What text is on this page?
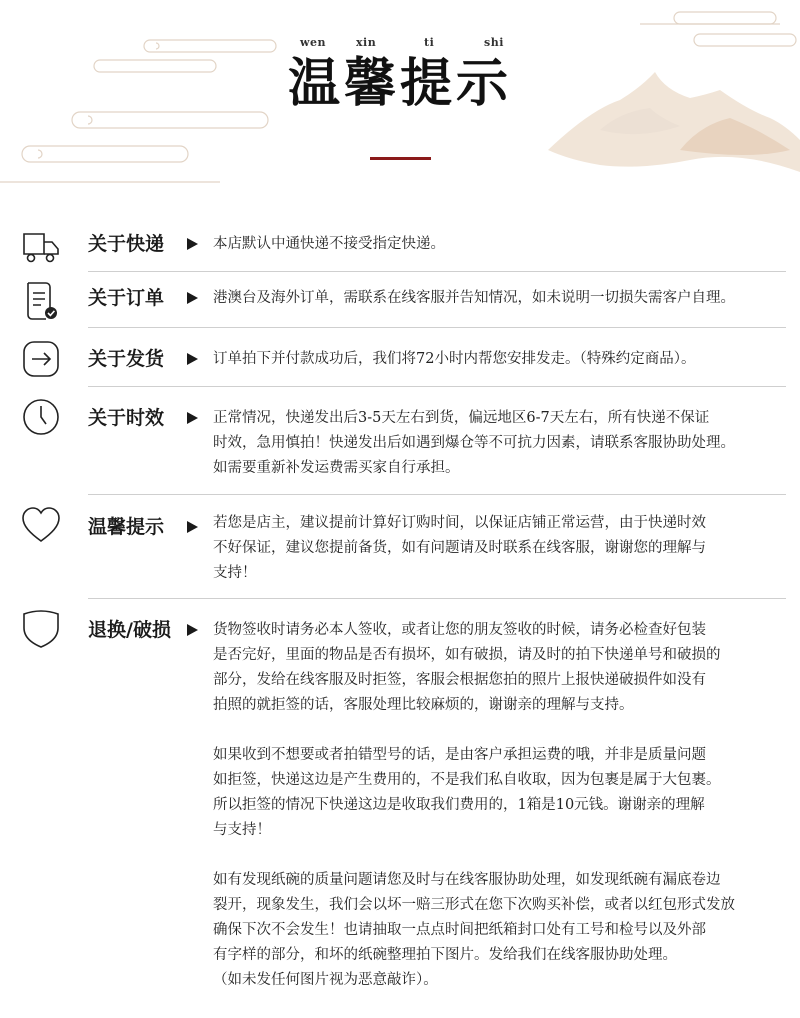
wen	xin	ti	shi
温馨提示
关于快递	本店默认中通快递不接受指定快递。

关于订单	港澳台及海外订单，需联系在线客服并告知情况，如未说明一切损失需客户自理。

关于发货	订单拍下并付款成功后，我们将72小时内帮您安排发走。（特殊约定商品）。

关于时效	正常情况，快递发出后3-5天左右到货，偏远地区6-7天左右，所有快递不保证

时效，急用慎拍！快递发出后如遇到爆仓等不可抗力因素，请联系客服协助处理。

如需要重新补发运费需买家自行承担。

温馨提示	若您是店主，建议提前计算好订购时间，以保证店铺正常运营，由于快递时效

不好保证，建议您提前备货，如有问题请及时联系在线客服，谢谢您的理解与

支持！

退换/破损	货物签收时请务必本人签收，或者让您的朋友签收的时候，请务必检查好包装

是否完好，里面的物品是否有损坏，如有破损，请及时的拍下快递单号和破损的

部分，发给在线客服及时拒签，客服会根据您拍的照片上报快递破损件如没有

拍照的就拒签的话，客服处理比较麻烦的，谢谢亲的理解与支持。

如果收到不想要或者拍错型号的话，是由客户承担运费的哦，并非是质量问题

如拒签，快递这边是产生费用的，不是我们私自收取，因为包裹是属于大包裹。

所以拒签的情况下快递这边是收取我们费用的，1箱是10元钱。谢谢亲的理解

与支持！

如有发现纸碗的质量问题请您及时与在线客服协助处理，如发现纸碗有漏底卷边

裂开，现象发生，我们会以坏一赔三形式在您下次购买补偿，或者以红包形式发放

确保下次不会发生！也请抽取一点点时间把纸箱封口处有工号和检号以及外部

有字样的部分，和坏的纸碗整理拍下图片。发给我们在线客服协助处理。

（如未发任何图片视为恶意敲诈）。
